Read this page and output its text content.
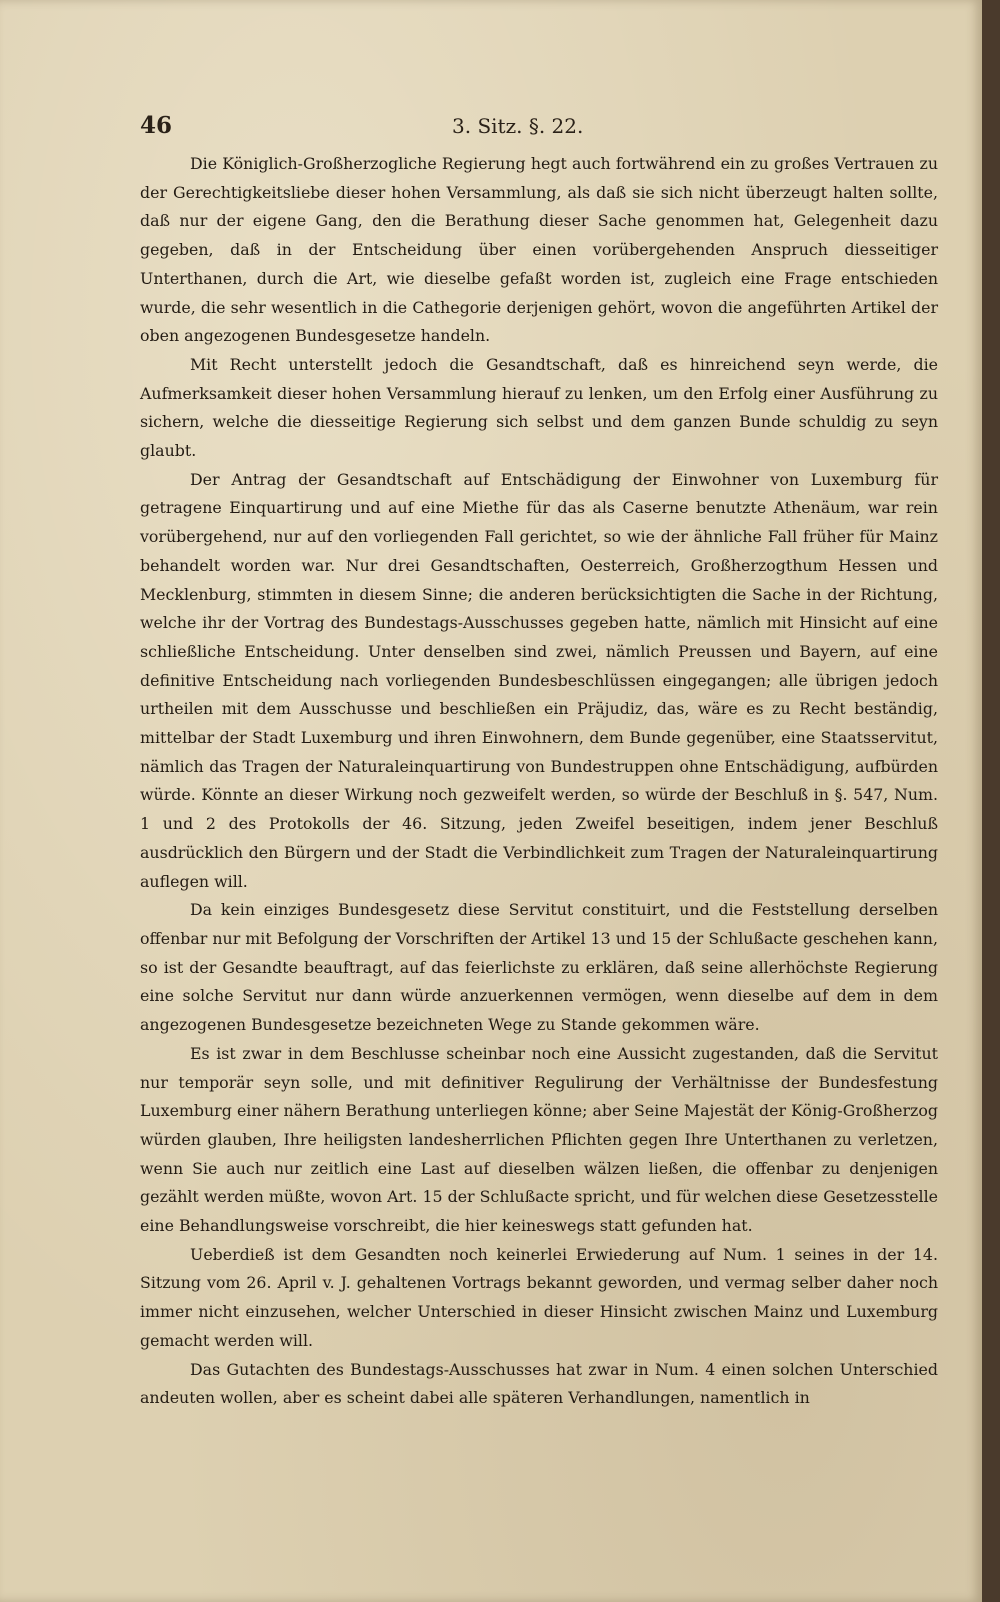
46	3. Sitz. §. 22.

Die Königlich-Großherzogliche Regierung hegt auch fortwährend ein zu großes Vertrauen zu der Gerechtigkeitsliebe dieser hohen Versammlung, als daß sie sich nicht überzeugt halten sollte, daß nur der eigene Gang, den die Berathung dieser Sache genommen hat, Gelegenheit dazu gegeben, daß in der Entscheidung über einen vorübergehenden Anspruch diesseitiger Unterthanen, durch die Art, wie dieselbe gefaßt worden ist, zugleich eine Frage entschieden wurde, die sehr wesentlich in die Cathegorie derjenigen gehört, wovon die angeführten Artikel der oben angezogenen Bundesgesetze handeln.

Mit Recht unterstellt jedoch die Gesandtschaft, daß es hinreichend seyn werde, die Aufmerksamkeit dieser hohen Versammlung hierauf zu lenken, um den Erfolg einer Ausführung zu sichern, welche die diesseitige Regierung sich selbst und dem ganzen Bunde schuldig zu seyn glaubt.

Der Antrag der Gesandtschaft auf Entschädigung der Einwohner von Luxemburg für getragene Einquartirung und auf eine Miethe für das als Caserne benutzte Athenäum, war rein vorübergehend, nur auf den vorliegenden Fall gerichtet, so wie der ähnliche Fall früher für Mainz behandelt worden war. Nur drei Gesandtschaften, Oesterreich, Großherzogthum Hessen und Mecklenburg, stimmten in diesem Sinne; die anderen berücksichtigten die Sache in der Richtung, welche ihr der Vortrag des Bundestags-Ausschusses gegeben hatte, nämlich mit Hinsicht auf eine schließliche Entscheidung. Unter denselben sind zwei, nämlich Preussen und Bayern, auf eine definitive Entscheidung nach vorliegenden Bundesbeschlüssen eingegangen; alle übrigen jedoch urtheilen mit dem Ausschusse und beschließen ein Präjudiz, das, wäre es zu Recht beständig, mittelbar der Stadt Luxemburg und ihren Einwohnern, dem Bunde gegenüber, eine Staatsservitut, nämlich das Tragen der Naturaleinquartirung von Bundestruppen ohne Entschädigung, aufbürden würde. Könnte an dieser Wirkung noch gezweifelt werden, so würde der Beschluß in §. 547, Num. 1 und 2 des Protokolls der 46. Sitzung, jeden Zweifel beseitigen, indem jener Beschluß ausdrücklich den Bürgern und der Stadt die Verbindlichkeit zum Tragen der Naturaleinquartirung auflegen will.

Da kein einziges Bundesgesetz diese Servitut constituirt, und die Feststellung derselben offenbar nur mit Befolgung der Vorschriften der Artikel 13 und 15 der Schlußacte geschehen kann, so ist der Gesandte beauftragt, auf das feierlichste zu erklären, daß seine allerhöchste Regierung eine solche Servitut nur dann würde anzuerkennen vermögen, wenn dieselbe auf dem in dem angezogenen Bundesgesetze bezeichneten Wege zu Stande gekommen wäre.

Es ist zwar in dem Beschlusse scheinbar noch eine Aussicht zugestanden, daß die Servitut nur temporär seyn solle, und mit definitiver Regulirung der Verhältnisse der Bundesfestung Luxemburg einer nähern Berathung unterliegen könne; aber Seine Majestät der König-Großherzog würden glauben, Ihre heiligsten landesherrlichen Pflichten gegen Ihre Unterthanen zu verletzen, wenn Sie auch nur zeitlich eine Last auf dieselben wälzen ließen, die offenbar zu denjenigen gezählt werden müßte, wovon Art. 15 der Schlußacte spricht, und für welchen diese Gesetzesstelle eine Behandlungsweise vorschreibt, die hier keineswegs statt gefunden hat.

Ueberdieß ist dem Gesandten noch keinerlei Erwiederung auf Num. 1 seines in der 14. Sitzung vom 26. April v. J. gehaltenen Vortrags bekannt geworden, und vermag selber daher noch immer nicht einzusehen, welcher Unterschied in dieser Hinsicht zwischen Mainz und Luxemburg gemacht werden will.

Das Gutachten des Bundestags-Ausschusses hat zwar in Num. 4 einen solchen Unterschied andeuten wollen, aber es scheint dabei alle späteren Verhandlungen, namentlich in
